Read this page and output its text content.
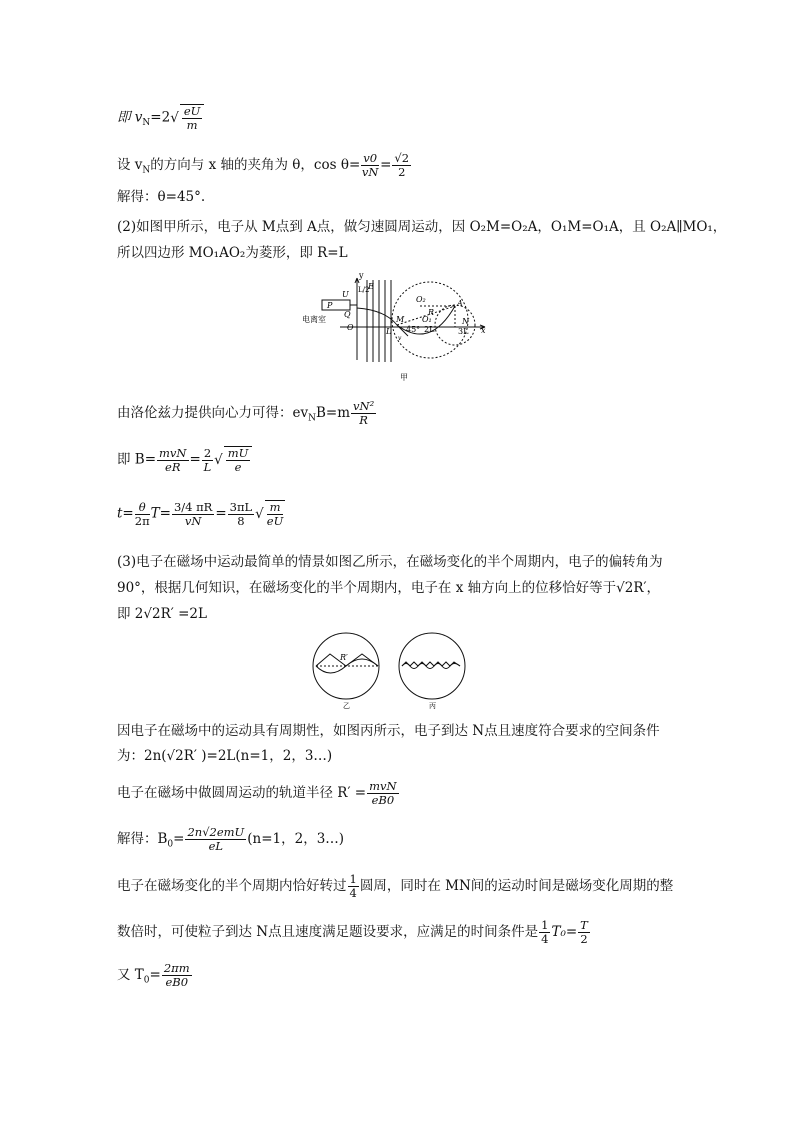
即 $v_N=2√ \frac{eU}{m}$
设 $v_N$的方向与 x 轴的夹角为 θ，$\cos \theta= \frac{v0}{vN} = \frac{√2}{2}$
解得：θ=45°.
(2)如图甲所示，电子从 M点到 A点，做匀速圆周运动，因 O₂M=O₂A，O₁M=O₁A，且 O₂A∥MO₁，
所以四边形 MO₁AO₂为菱形，即 R=L
y
U L/2
E
P
Q
电离室
O	L
M
v
45° 2L
O₂
R
O₁
A
N
3L x
甲
由洛伦兹力提供向心力可得：$ev_NB=m \frac{\text{vN²}}{R}$
即 $B= \frac{\text{mvN}}{eR} = \frac{2}{L}$ √ $\frac{mU}{e}$
$t= \frac{\theta}{2\pi} T= \frac{3/4 \pi R}{vN} = \frac{3\pi L}{8}$ √ $\frac{m}{eU}$
(3)电子在磁场中运动最简单的情景如图乙所示，在磁场变化的半个周期内，电子的偏转角为
90°，根据几何知识，在磁场变化的半个周期内，电子在 x 轴方向上的位移恰好等于√2R′，
即 2√2R′ =2L
R′
乙	丙
因电子在磁场中的运动具有周期性，如图丙所示，电子到达 N点且速度符合要求的空间条件
为：2n(√2R′ )=2L(n=1，2，3…)
电子在磁场中做圆周运动的轨道半径 $R' = \frac{\text{mvN}}{eB0}$
解得：$B_0= \frac{\text{2n√2emU}}{eL} (n=1$，2，3…)
电子在磁场变化的半个周期内恰好转过 $\frac{1}{4}$ 圆周，同时在 MN间的运动时间是磁场变化周期的整
数倍时，可使粒子到达 N点且速度满足题设要求，应满足的时间条件是 $\frac{1}{4} T_0= \frac{T}{2}$
又 $T_0= \frac{2\pi m}{eB0}$
